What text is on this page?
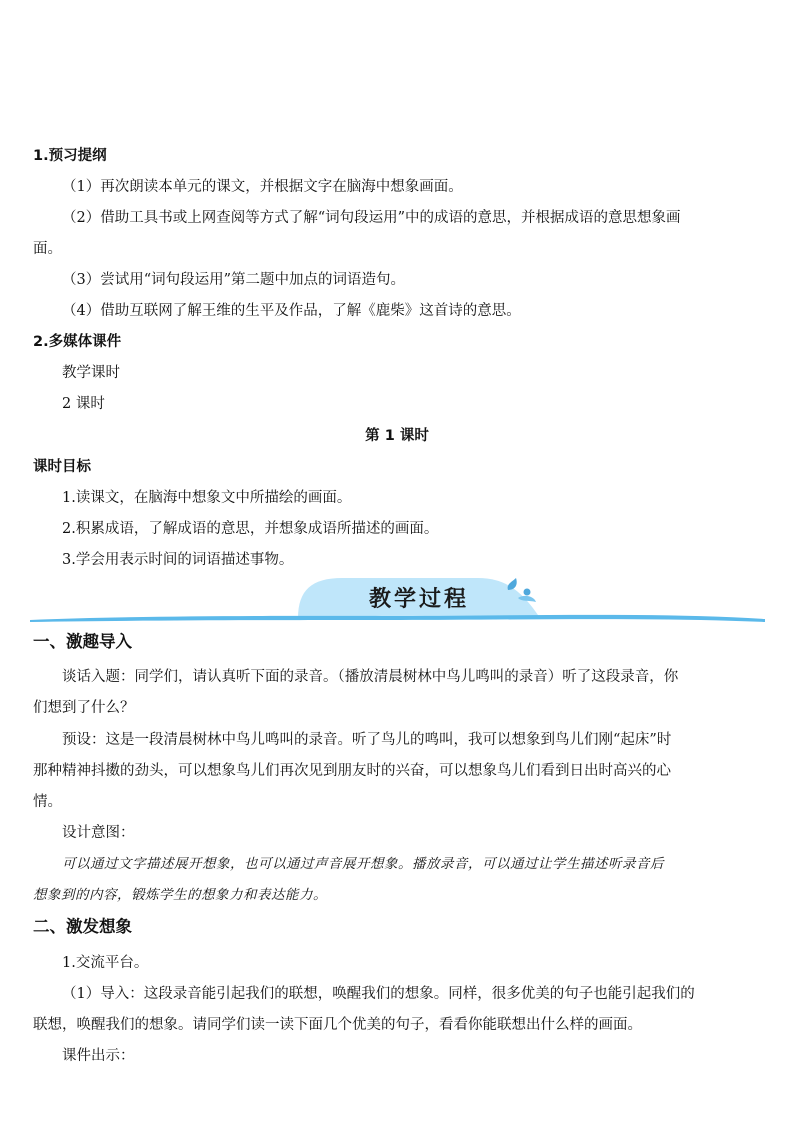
1.预习提纲
（1）再次朗读本单元的课文，并根据文字在脑海中想象画面。
（2）借助工具书或上网查阅等方式了解“词句段运用”中的成语的意思，并根据成语的意思想象画
面。
（3）尝试用“词句段运用”第二题中加点的词语造句。
（4）借助互联网了解王维的生平及作品，了解《鹿柴》这首诗的意思。
2.多媒体课件
教学课时
2 课时
第 1 课时
课时目标
1.读课文，在脑海中想象文中所描绘的画面。
2.积累成语，了解成语的意思，并想象成语所描述的画面。
3.学会用表示时间的词语描述事物。
教学过程
一、激趣导入
谈话入题：同学们，请认真听下面的录音。（播放清晨树林中鸟儿鸣叫的录音）听了这段录音，你
们想到了什么？
预设：这是一段清晨树林中鸟儿鸣叫的录音。听了鸟儿的鸣叫，我可以想象到鸟儿们刚“起床”时
那种精神抖擞的劲头，可以想象鸟儿们再次见到朋友时的兴奋，可以想象鸟儿们看到日出时高兴的心
情。
设计意图：
可以通过文字描述展开想象，也可以通过声音展开想象。播放录音，可以通过让学生描述听录音后
想象到的内容，锻炼学生的想象力和表达能力。
二、激发想象
1.交流平台。
（1）导入：这段录音能引起我们的联想，唤醒我们的想象。同样，很多优美的句子也能引起我们的
联想，唤醒我们的想象。请同学们读一读下面几个优美的句子，看看你能联想出什么样的画面。
课件出示：
